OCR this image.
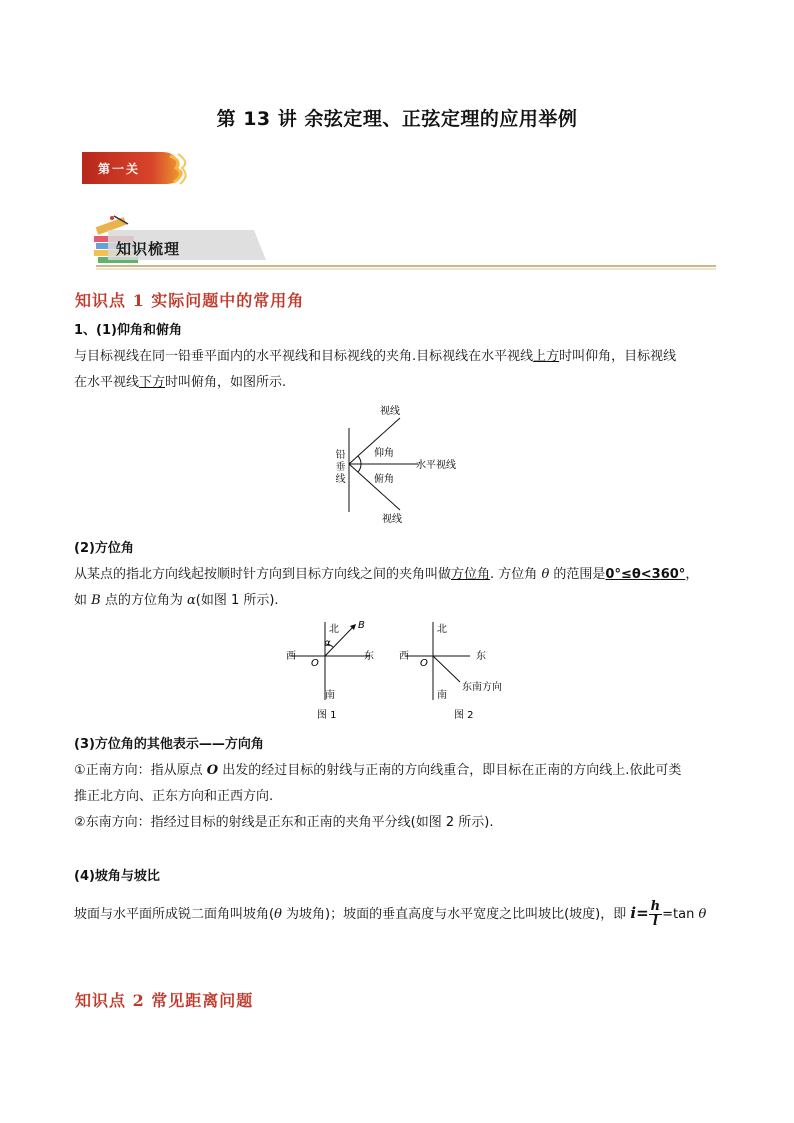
第 13 讲 余弦定理、正弦定理的应用举例
第一关
知识梳理
知识点 1 实际问题中的常用角
1、(1)仰角和俯角
与目标视线在同一铅垂平面内的水平视线和目标视线的夹角.目标视线在水平视线上方时叫仰角，目标视线
在水平视线下方时叫俯角，如图所示.
视线
仰角
水平视线
俯角
视线
铅垂线
(2)方位角
从某点的指北方向线起按顺时针方向到目标方向线之间的夹角叫做方位角. 方位角 θ 的范围是0°≤θ<360°，
如 B 点的方位角为 α(如图 1 所示).
北 B
α
西
O
东
南
图 1
北
西
O
东
东南方向
南
图 2
(3)方位角的其他表示——方向角
①正南方向：指从原点 O 出发的经过目标的射线与正南的方向线重合，即目标在正南的方向线上.依此可类
推正北方向、正东方向和正西方向.
②东南方向：指经过目标的射线是正东和正南的夹角平分线(如图 2 所示).
(4)坡角与坡比
坡面与水平面所成锐二面角叫坡角(θ 为坡角)；坡面的垂直高度与水平宽度之比叫坡比(坡度)，即 $i= \frac{h}{l} =\tan$ θ
知识点 2 常见距离问题
